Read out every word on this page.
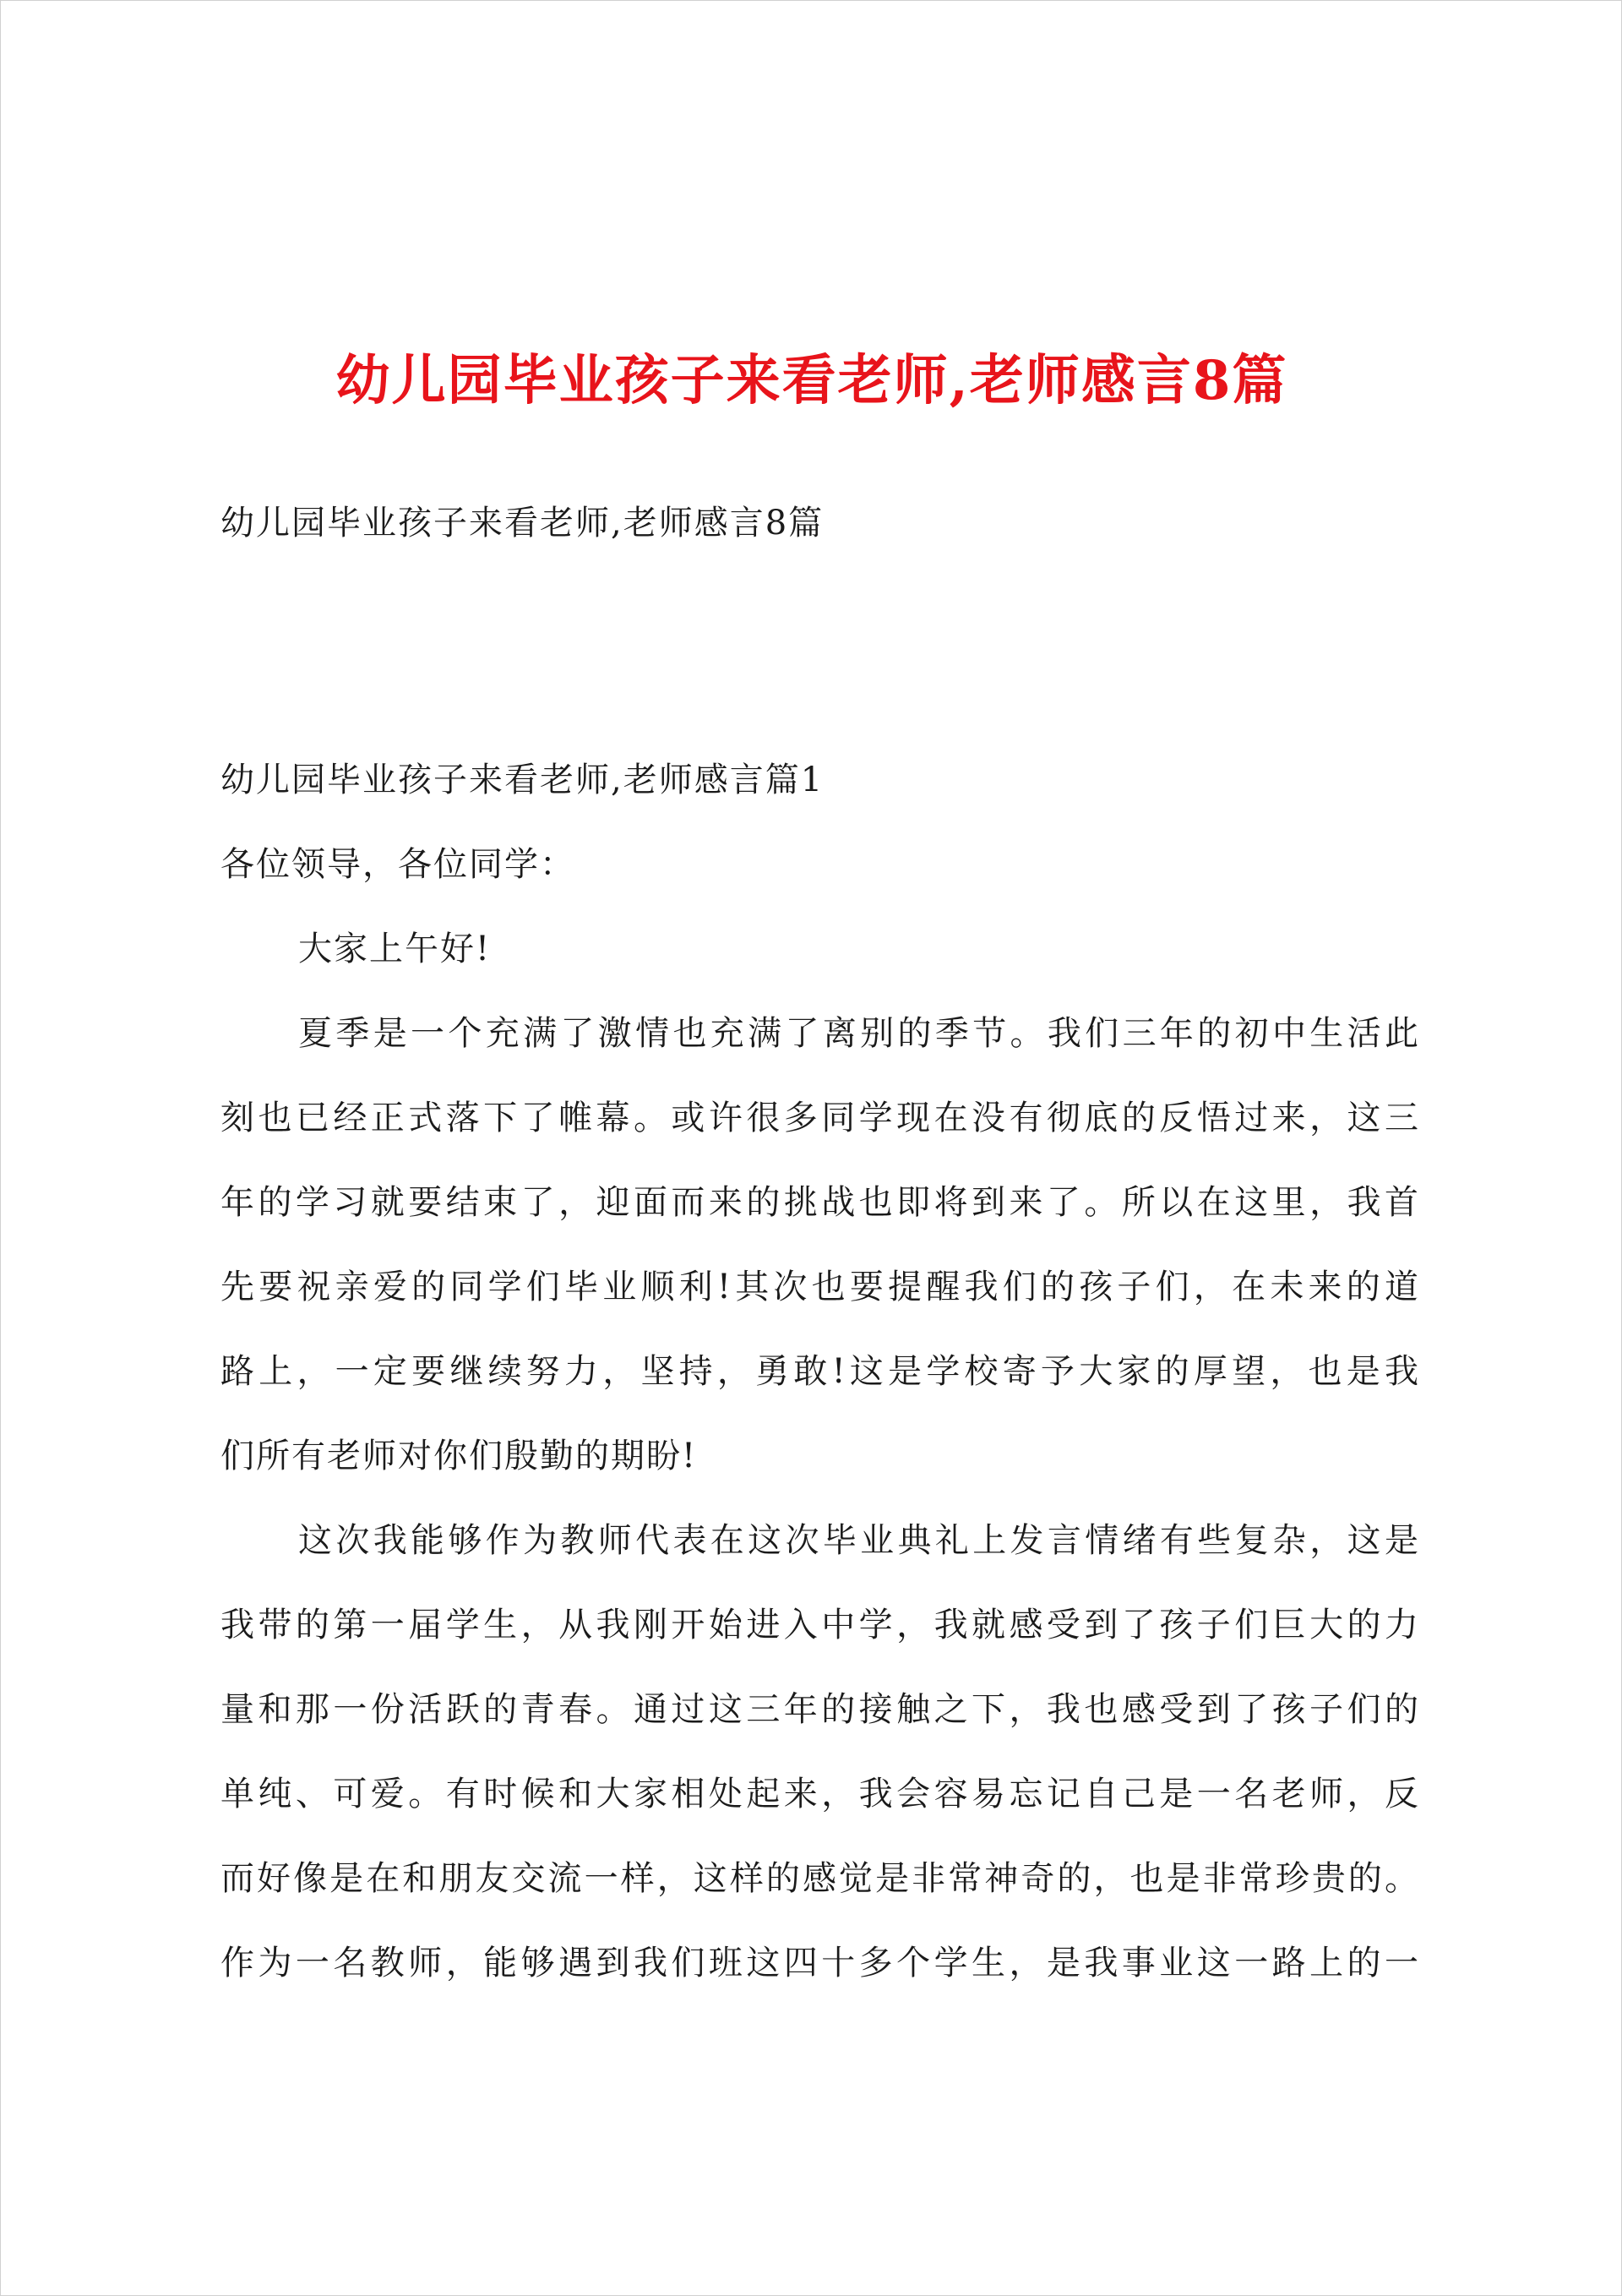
幼儿园毕业孩子来看老师,老师感言8篇
幼儿园毕业孩子来看老师,老师感言8篇
幼儿园毕业孩子来看老师,老师感言篇1
各位领导，各位同学：
大家上午好!
夏季是一个充满了激情也充满了离别的季节。我们三年的初中生活此
刻也已经正式落下了帷幕。或许很多同学现在没有彻底的反悟过来，这三
年的学习就要结束了，迎面而来的挑战也即将到来了。所以在这里，我首
先要祝亲爱的同学们毕业顺利!其次也要提醒我们的孩子们，在未来的道
路上，一定要继续努力，坚持，勇敢!这是学校寄予大家的厚望，也是我
们所有老师对你们殷勤的期盼!
这次我能够作为教师代表在这次毕业典礼上发言情绪有些复杂，这是
我带的第一届学生，从我刚开始进入中学，我就感受到了孩子们巨大的力
量和那一份活跃的青春。通过这三年的接触之下，我也感受到了孩子们的
单纯、可爱。有时候和大家相处起来，我会容易忘记自己是一名老师，反
而好像是在和朋友交流一样，这样的感觉是非常神奇的，也是非常珍贵的。
作为一名教师，能够遇到我们班这四十多个学生，是我事业这一路上的一
